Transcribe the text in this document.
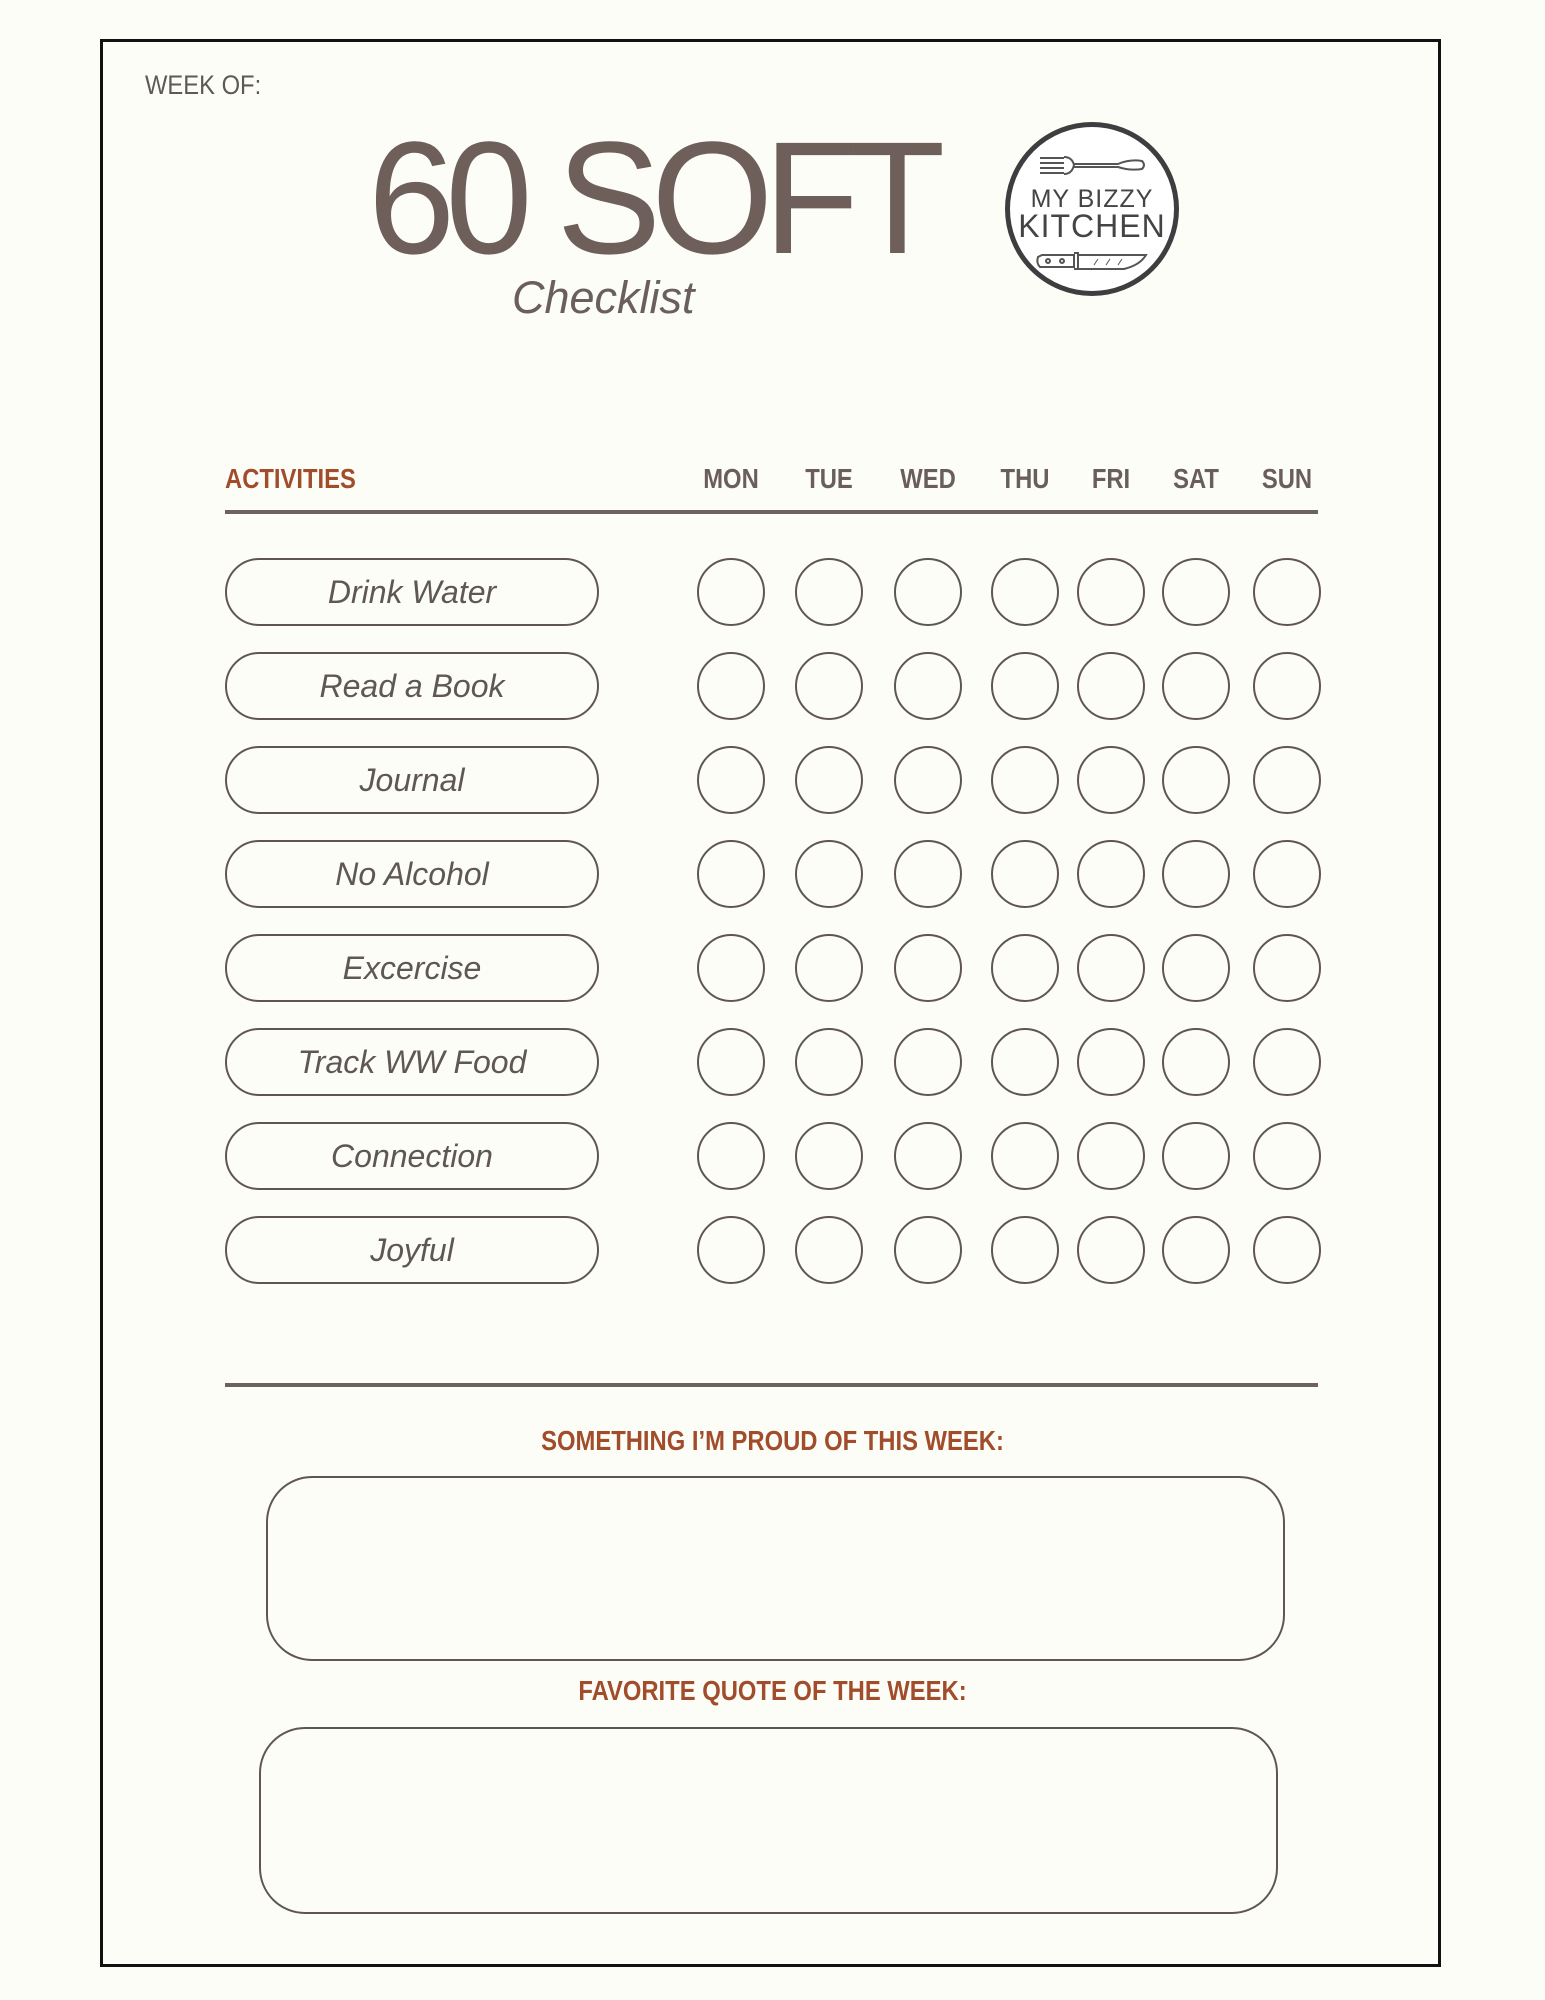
WEEK OF:
60 SOFT
Checklist
MY BIZZY
KITCHEN
ACTIVITIES	MON	TUE	WED	THU	FRI	SAT	SUN
Drink Water
Read a Book
Journal
No Alcohol
Excercise
Track WW Food
Connection
Joyful
SOMETHING I’M PROUD OF THIS WEEK:
FAVORITE QUOTE OF THE WEEK:
